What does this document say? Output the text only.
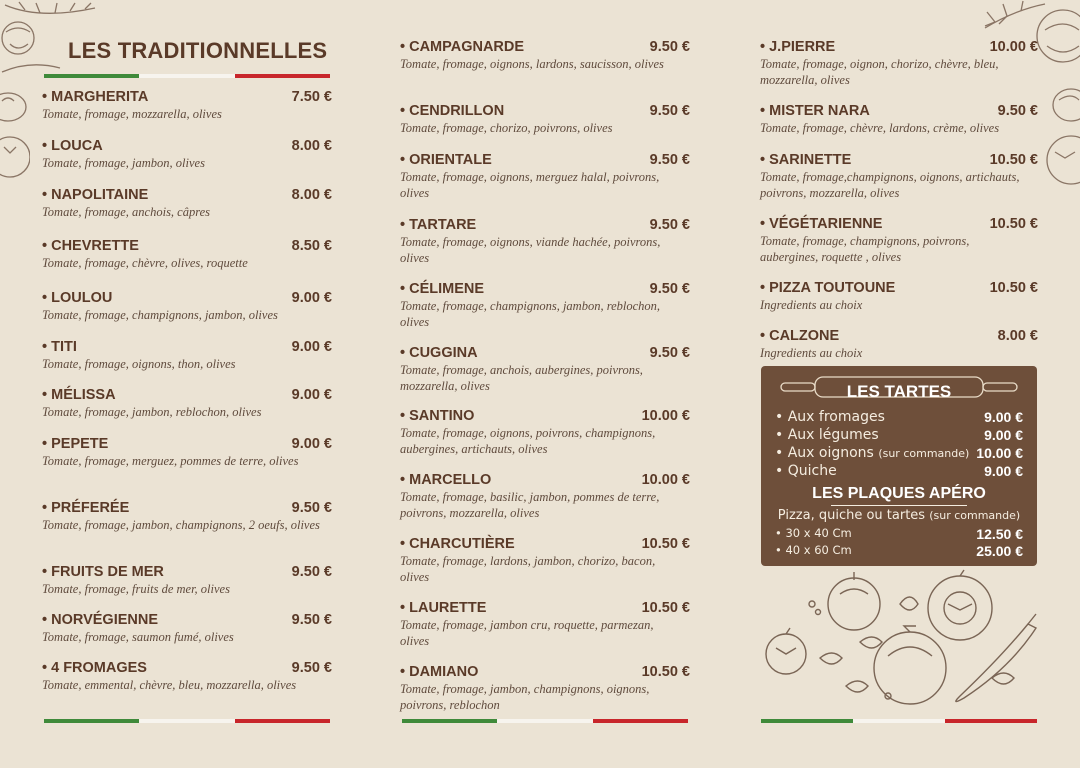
LES TRADITIONNELLES
• MARGHERITA	7.50 €
Tomate, fromage, mozzarella, olives
• LOUCA	8.00 €
Tomate, fromage, jambon, olives
• NAPOLITAINE	8.00 €
Tomate, fromage, anchois, câpres
• CHEVRETTE	8.50 €
Tomate, fromage, chèvre, olives, roquette
• LOULOU	9.00 €
Tomate, fromage, champignons, jambon, olives
• TITI	9.00 €
Tomate, fromage, oignons, thon, olives
• MÉLISSA	9.00 €
Tomate, fromage, jambon, reblochon, olives
• PEPETE	9.00 €
Tomate, fromage, merguez, pommes de terre, olives
• PRÉFERÉE	9.50 €
Tomate, fromage, jambon, champignons, 2 oeufs, olives
• FRUITS DE MER	9.50 €
Tomate, fromage, fruits de mer, olives
• NORVÉGIENNE	9.50 €
Tomate, fromage, saumon fumé, olives
• 4 FROMAGES	9.50 €
Tomate, emmental, chèvre, bleu, mozzarella, olives
• CAMPAGNARDE	9.50 €
Tomate, fromage, oignons, lardons, saucisson, olives
• CENDRILLON	9.50 €
Tomate, fromage, chorizo, poivrons, olives
• ORIENTALE	9.50 €
Tomate, fromage, oignons, merguez halal, poivrons, olives
• TARTARE	9.50 €
Tomate, fromage, oignons, viande hachée, poivrons, olives
• CÉLIMENE	9.50 €
Tomate, fromage, champignons, jambon, reblochon, olives
• CUGGINA	9.50 €
Tomate, fromage, anchois, aubergines, poivrons, mozzarella, olives
• SANTINO	10.00 €
Tomate, fromage, oignons, poivrons, champignons, aubergines, artichauts, olives
• MARCELLO	10.00 €
Tomate, fromage, basilic, jambon, pommes de terre, poivrons, mozzarella, olives
• CHARCUTIÈRE	10.50 €
Tomate, fromage, lardons, jambon, chorizo, bacon, olives
• LAURETTE	10.50 €
Tomate, fromage, jambon cru, roquette, parmezan, olives
• DAMIANO	10.50 €
Tomate, fromage, jambon, champignons, oignons, poivrons, reblochon
• J.PIERRE	10.00 €
Tomate, fromage, oignon, chorizo, chèvre, bleu, mozzarella, olives
• MISTER NARA	9.50 €
Tomate, fromage, chèvre, lardons, crème, olives
• SARINETTE	10.50 €
Tomate, fromage,champignons, oignons, artichauts, poivrons, mozzarella, olives
• VÉGÉTARIENNE	10.50 €
Tomate, fromage, champignons, poivrons, aubergines, roquette , olives
• PIZZA TOUTOUNE	10.50 €
Ingredients au choix
• CALZONE	8.00 €
Ingredients au choix
LES TARTES
• Aux fromages	9.00 €
• Aux légumes	9.00 €
• Aux oignons (sur commande) 10.00 €
• Quiche	9.00 €
LES PLAQUES APÉRO
Pizza, quiche ou tartes (sur commande)
• 30 x 40 Cm	12.50 €
• 40 x 60 Cm	25.00 €
